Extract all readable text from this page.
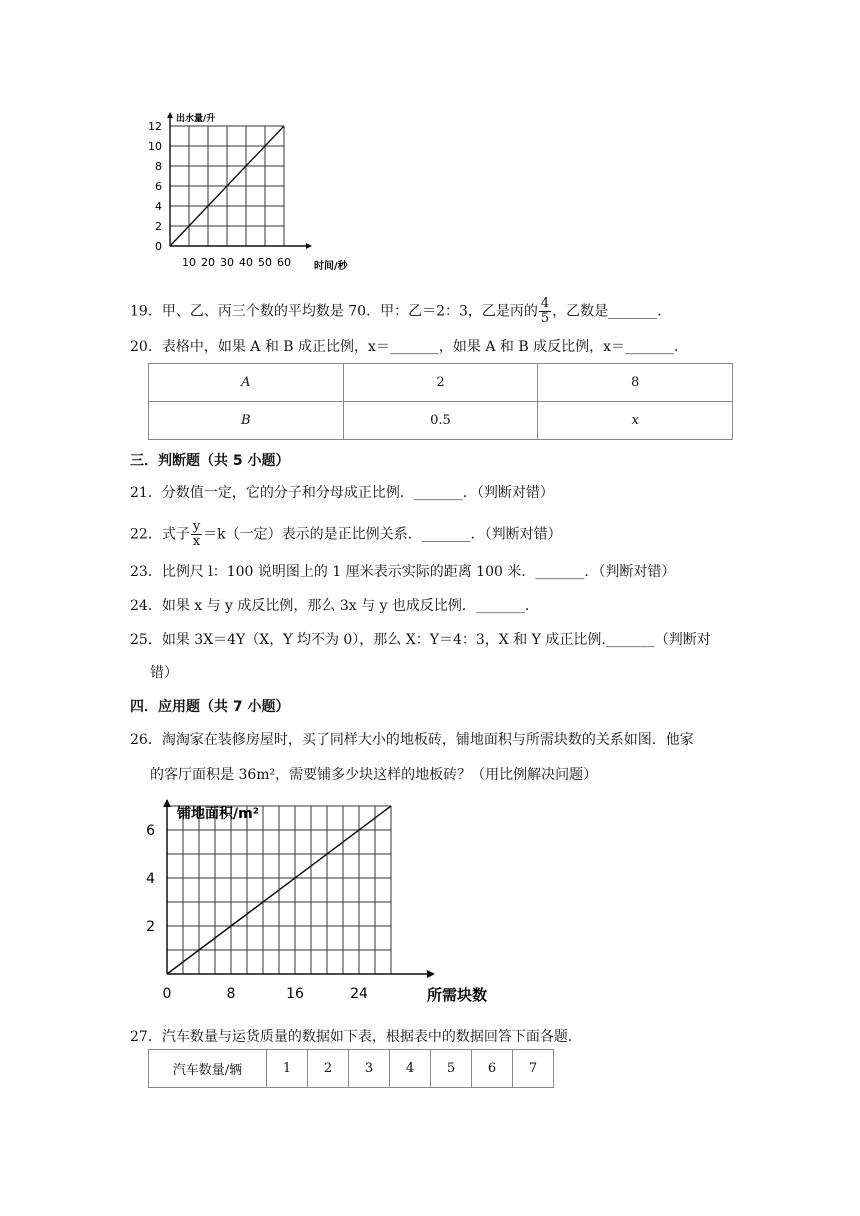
出水量/升
时间/秒
10 20 30 40 50 60
0
2
4
6
8
10
12
19．甲、乙、丙三个数的平均数是 70．甲：乙＝2：3，乙是丙的 $\frac{4}{5}$ ，乙数是_______．
20．表格中，如果 A 和 B 成正比例，x＝_______，如果 A 和 B 成反比例，x＝_______．
A	2	8
B	0.5	x
三．判断题（共 5 小题）
21．分数值一定，它的分子和分母成正比例．_______．（判断对错）
22．式子 $\frac{y}{x} =k$（一定）表示的是正比例关系．_______．（判断对错）
23．比例尺 l：100 说明图上的 1 厘米表示实际的距离 100 米．_______．（判断对错）
24．如果 x 与 y 成反比例，那么 3x 与 y 也成反比例．_______．
25．如果 3X＝4Y（X，Y 均不为 0），那么 X：Y＝4：3，X 和 Y 成正比例._______（判断对
错）
四．应用题（共 7 小题）
26．淘淘家在装修房屋时，买了同样大小的地板砖，铺地面积与所需块数的关系如图．他家
的客厅面积是 36m²，需要铺多少块这样的地板砖？（用比例解决问题）
铺地面积/m²
所需块数
0	8	16	24
2
4
6
27．汽车数量与运货质量的数据如下表，根据表中的数据回答下面各题．
汽车数量/辆	1	2	3	4	5	6	7
